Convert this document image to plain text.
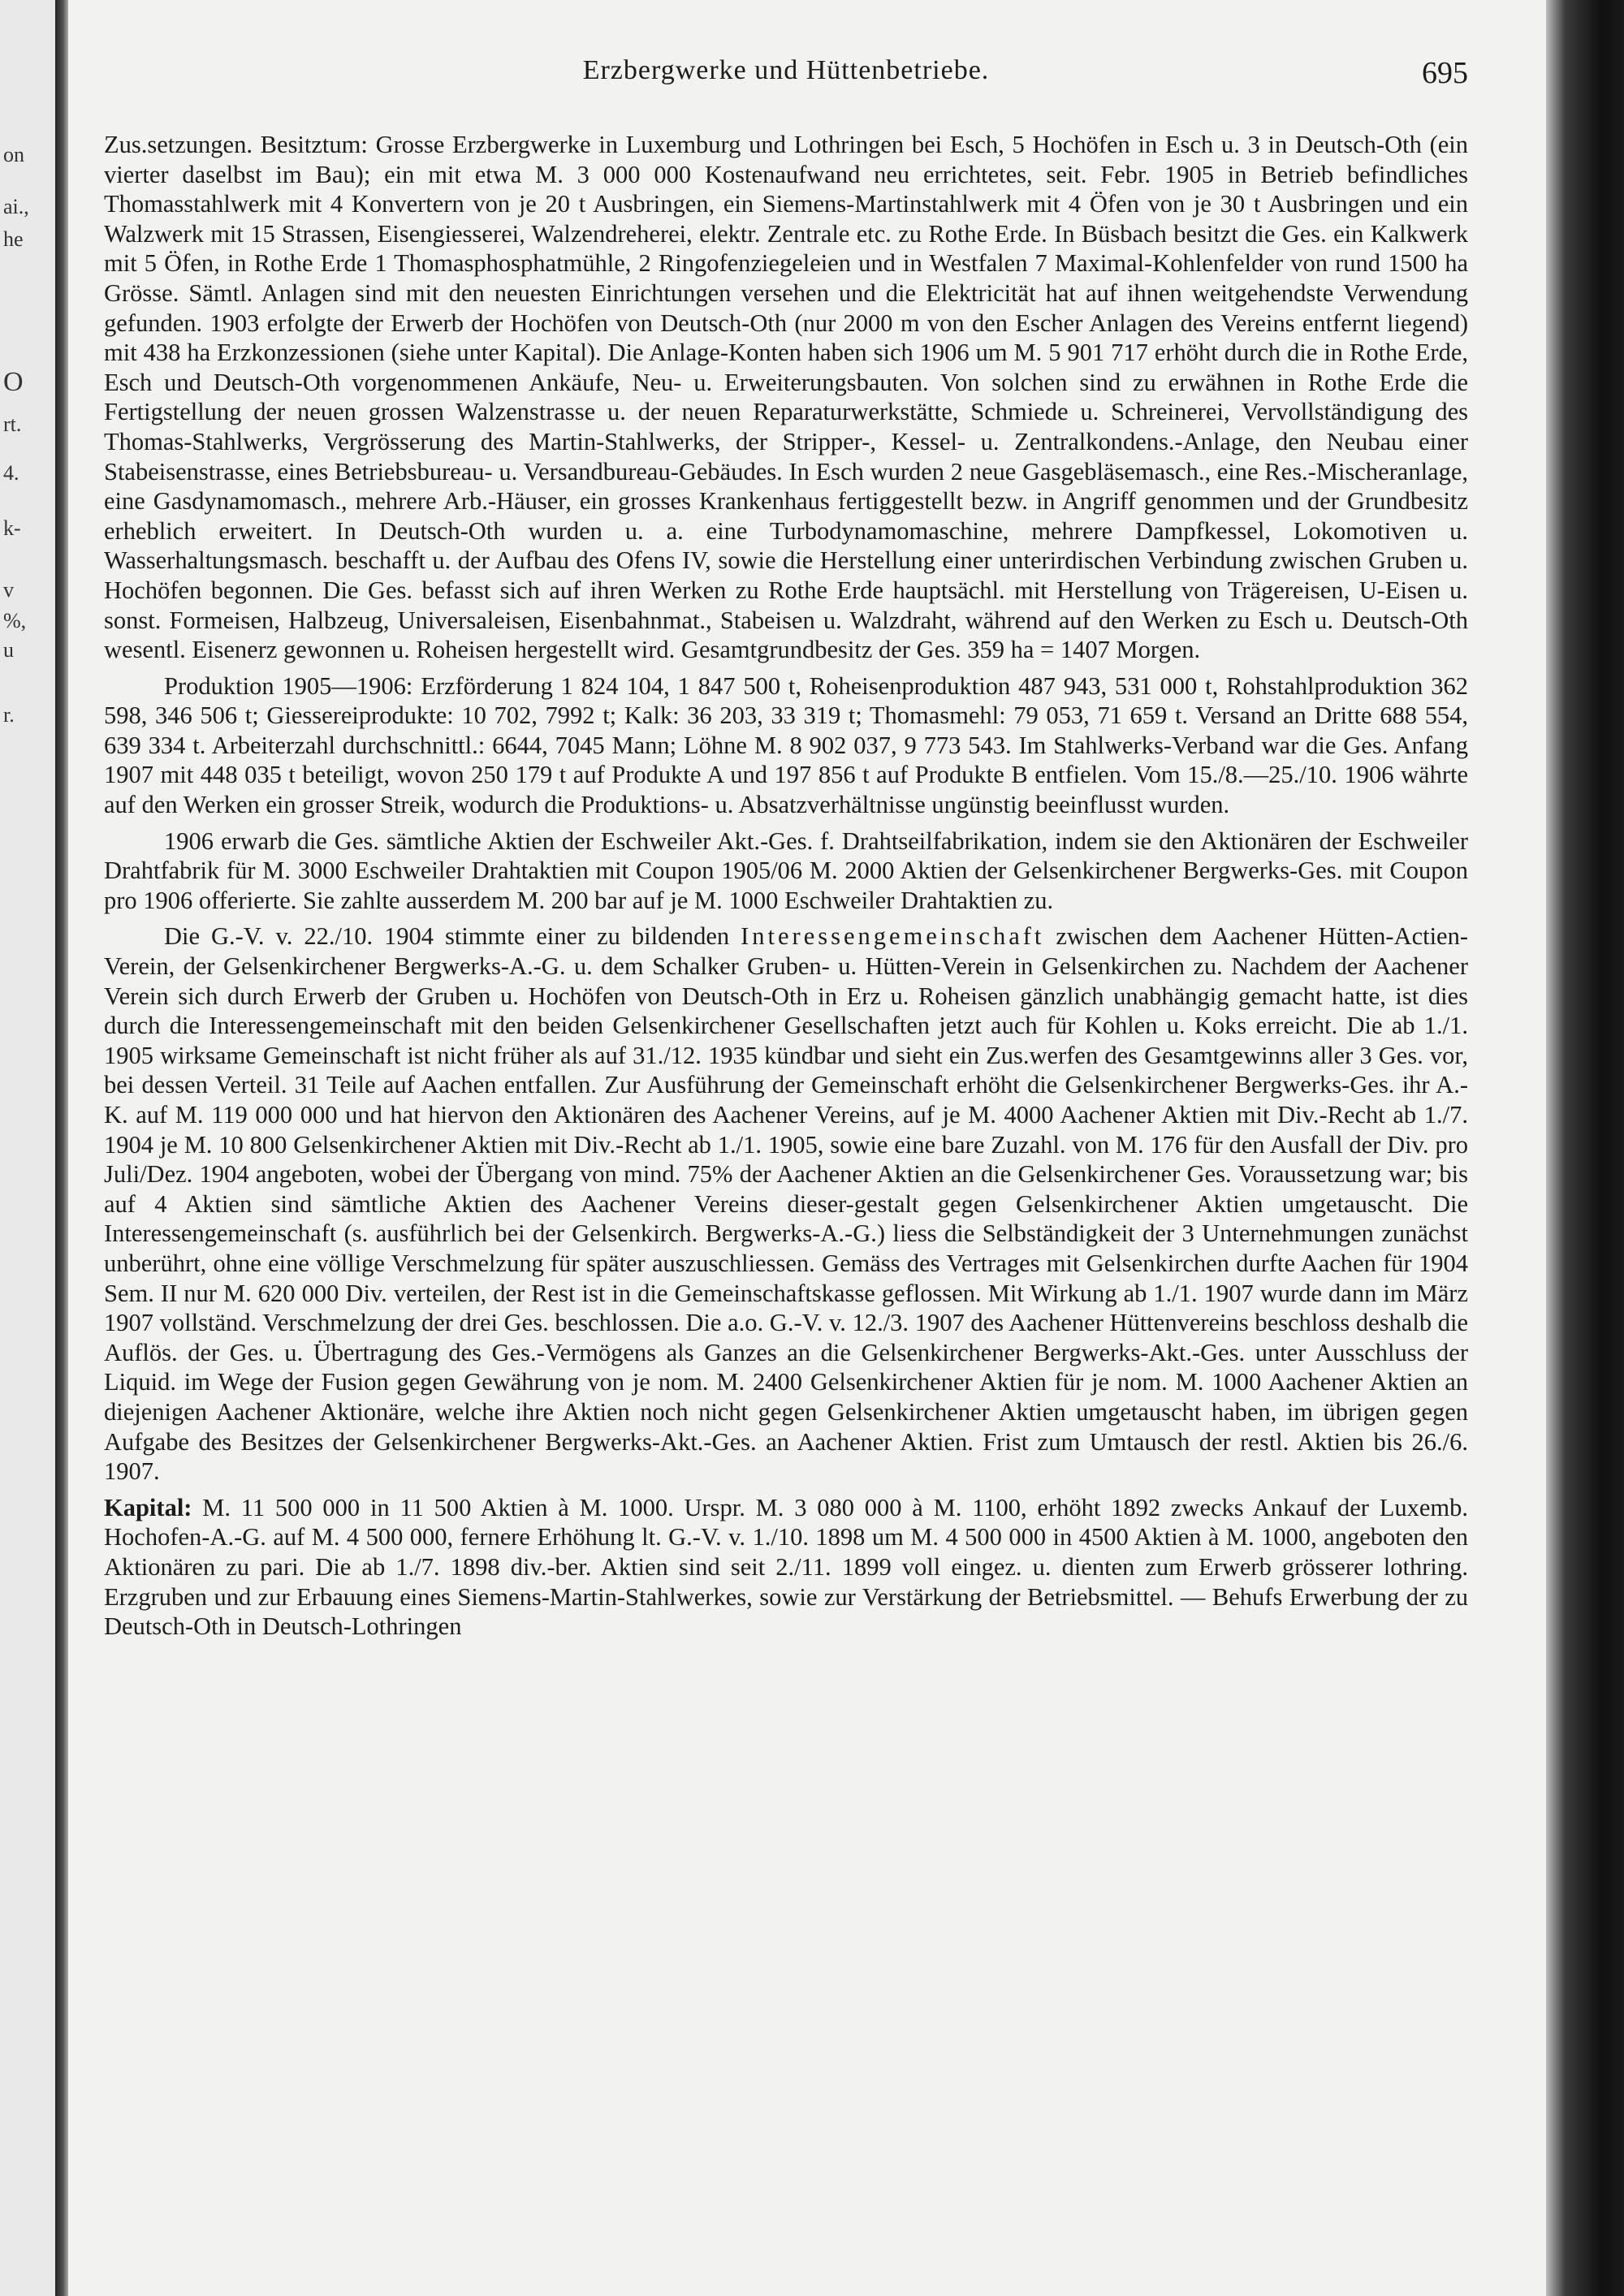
on
ai.,
he
O
rt.
4.
k-
v
%,
u
r.
Erzbergwerke und Hüttenbetriebe.	695

Zus.setzungen. Besitztum: Grosse Erzbergwerke in Luxemburg und Lothringen bei Esch, 5 Hochöfen in Esch u. 3 in Deutsch-Oth (ein vierter daselbst im Bau); ein mit etwa M. 3 000 000 Kostenaufwand neu errichtetes, seit. Febr. 1905 in Betrieb befindliches Thomasstahlwerk mit 4 Konvertern von je 20 t Ausbringen, ein Siemens-Martinstahlwerk mit 4 Öfen von je 30 t Ausbringen und ein Walzwerk mit 15 Strassen, Eisengiesserei, Walzendreherei, elektr. Zentrale etc. zu Rothe Erde. In Büsbach besitzt die Ges. ein Kalkwerk mit 5 Öfen, in Rothe Erde 1 Thomasphosphatmühle, 2 Ringofenziegeleien und in Westfalen 7 Maximal-Kohlenfelder von rund 1500 ha Grösse. Sämtl. Anlagen sind mit den neuesten Einrichtungen versehen und die Elektricität hat auf ihnen weitgehendste Verwendung gefunden. 1903 erfolgte der Erwerb der Hochöfen von Deutsch-Oth (nur 2000 m von den Escher Anlagen des Vereins entfernt liegend) mit 438 ha Erzkonzessionen (siehe unter Kapital). Die Anlage-Konten haben sich 1906 um M. 5 901 717 erhöht durch die in Rothe Erde, Esch und Deutsch-Oth vorgenommenen Ankäufe, Neu- u. Erweiterungsbauten. Von solchen sind zu erwähnen in Rothe Erde die Fertigstellung der neuen grossen Walzenstrasse u. der neuen Reparaturwerkstätte, Schmiede u. Schreinerei, Vervollständigung des Thomas-Stahlwerks, Vergrösserung des Martin-Stahlwerks, der Stripper-, Kessel- u. Zentralkondens.-Anlage, den Neubau einer Stabeisenstrasse, eines Betriebsbureau- u. Versandbureau-Gebäudes. In Esch wurden 2 neue Gasgebläsemasch., eine Res.-Mischeranlage, eine Gasdynamomasch., mehrere Arb.-Häuser, ein grosses Krankenhaus fertiggestellt bezw. in Angriff genommen und der Grundbesitz erheblich erweitert. In Deutsch-Oth wurden u. a. eine Turbodynamomaschine, mehrere Dampfkessel, Lokomotiven u. Wasserhaltungsmasch. beschafft u. der Aufbau des Ofens IV, sowie die Herstellung einer unterirdischen Verbindung zwischen Gruben u. Hochöfen begonnen. Die Ges. befasst sich auf ihren Werken zu Rothe Erde hauptsächl. mit Herstellung von Trägereisen, U-Eisen u. sonst. Formeisen, Halbzeug, Universaleisen, Eisenbahnmat., Stabeisen u. Walzdraht, während auf den Werken zu Esch u. Deutsch-Oth wesentl. Eisenerz gewonnen u. Roheisen hergestellt wird. Gesamtgrundbesitz der Ges. 359 ha = 1407 Morgen.

Produktion 1905—1906: Erzförderung 1 824 104, 1 847 500 t, Roheisenproduktion 487 943, 531 000 t, Rohstahlproduktion 362 598, 346 506 t; Giessereiprodukte: 10 702, 7992 t; Kalk: 36 203, 33 319 t; Thomasmehl: 79 053, 71 659 t. Versand an Dritte 688 554, 639 334 t. Arbeiterzahl durchschnittl.: 6644, 7045 Mann; Löhne M. 8 902 037, 9 773 543. Im Stahlwerks-Verband war die Ges. Anfang 1907 mit 448 035 t beteiligt, wovon 250 179 t auf Produkte A und 197 856 t auf Produkte B entfielen. Vom 15./8.—25./10. 1906 währte auf den Werken ein grosser Streik, wodurch die Produktions- u. Absatzverhältnisse ungünstig beeinflusst wurden.

1906 erwarb die Ges. sämtliche Aktien der Eschweiler Akt.-Ges. f. Drahtseilfabrikation, indem sie den Aktionären der Eschweiler Drahtfabrik für M. 3000 Eschweiler Drahtaktien mit Coupon 1905/06 M. 2000 Aktien der Gelsenkirchener Bergwerks-Ges. mit Coupon pro 1906 offerierte. Sie zahlte ausserdem M. 200 bar auf je M. 1000 Eschweiler Drahtaktien zu.

Die G.-V. v. 22./10. 1904 stimmte einer zu bildenden Interessengemeinschaft zwischen dem Aachener Hütten-Actien-Verein, der Gelsenkirchener Bergwerks-A.-G. u. dem Schalker Gruben- u. Hütten-Verein in Gelsenkirchen zu. Nachdem der Aachener Verein sich durch Erwerb der Gruben u. Hochöfen von Deutsch-Oth in Erz u. Roheisen gänzlich unabhängig gemacht hatte, ist dies durch die Interessengemeinschaft mit den beiden Gelsenkirchener Gesellschaften jetzt auch für Kohlen u. Koks erreicht. Die ab 1./1. 1905 wirksame Gemeinschaft ist nicht früher als auf 31./12. 1935 kündbar und sieht ein Zus.werfen des Gesamtgewinns aller 3 Ges. vor, bei dessen Verteil. 31 Teile auf Aachen entfallen. Zur Ausführung der Gemeinschaft erhöht die Gelsenkirchener Bergwerks-Ges. ihr A.-K. auf M. 119 000 000 und hat hiervon den Aktionären des Aachener Vereins, auf je M. 4000 Aachener Aktien mit Div.-Recht ab 1./7. 1904 je M. 10 800 Gelsenkirchener Aktien mit Div.-Recht ab 1./1. 1905, sowie eine bare Zuzahl. von M. 176 für den Ausfall der Div. pro Juli/Dez. 1904 angeboten, wobei der Übergang von mind. 75% der Aachener Aktien an die Gelsenkirchener Ges. Voraussetzung war; bis auf 4 Aktien sind sämtliche Aktien des Aachener Vereins dieser-gestalt gegen Gelsenkirchener Aktien umgetauscht. Die Interessengemeinschaft (s. ausführlich bei der Gelsenkirch. Bergwerks-A.-G.) liess die Selbständigkeit der 3 Unternehmungen zunächst unberührt, ohne eine völlige Verschmelzung für später auszuschliessen. Gemäss des Vertrages mit Gelsenkirchen durfte Aachen für 1904 Sem. II nur M. 620 000 Div. verteilen, der Rest ist in die Gemeinschaftskasse geflossen. Mit Wirkung ab 1./1. 1907 wurde dann im März 1907 vollständ. Verschmelzung der drei Ges. beschlossen. Die a.o. G.-V. v. 12./3. 1907 des Aachener Hüttenvereins beschloss deshalb die Auflös. der Ges. u. Übertragung des Ges.-Vermögens als Ganzes an die Gelsenkirchener Bergwerks-Akt.-Ges. unter Ausschluss der Liquid. im Wege der Fusion gegen Gewährung von je nom. M. 2400 Gelsenkirchener Aktien für je nom. M. 1000 Aachener Aktien an diejenigen Aachener Aktionäre, welche ihre Aktien noch nicht gegen Gelsenkirchener Aktien umgetauscht haben, im übrigen gegen Aufgabe des Besitzes der Gelsenkirchener Bergwerks-Akt.-Ges. an Aachener Aktien. Frist zum Umtausch der restl. Aktien bis 26./6. 1907.

Kapital: M. 11 500 000 in 11 500 Aktien à M. 1000. Urspr. M. 3 080 000 à M. 1100, erhöht 1892 zwecks Ankauf der Luxemb. Hochofen-A.-G. auf M. 4 500 000, fernere Erhöhung lt. G.-V. v. 1./10. 1898 um M. 4 500 000 in 4500 Aktien à M. 1000, angeboten den Aktionären zu pari. Die ab 1./7. 1898 div.-ber. Aktien sind seit 2./11. 1899 voll eingez. u. dienten zum Erwerb grösserer lothring. Erzgruben und zur Erbauung eines Siemens-Martin-Stahlwerkes, sowie zur Verstärkung der Betriebsmittel. — Behufs Erwerbung der zu Deutsch-Oth in Deutsch-Lothringen
